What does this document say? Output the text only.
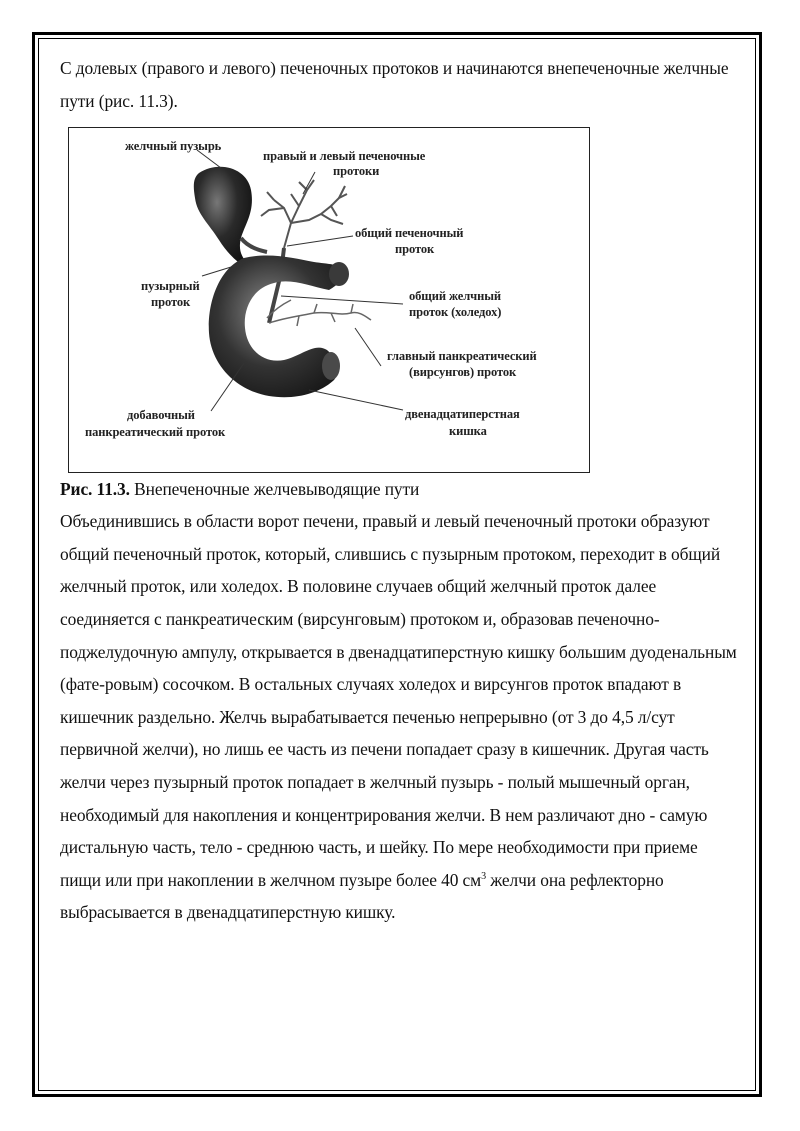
С долевых (правого и левого) печеночных протоков и начинаются внепеченочные желчные пути (рис. 11.3).

желчный пузырь
правый и левый печеночные
протоки
общий печеночный
проток
пузырный
проток	общий желчный
проток (холедох)
главный панкреатический
(вирсунгов) проток
добавочный
панкреатический проток
двенадцатиперстная
кишка

Рис. 11.3. Внепеченочные желчевыводящие пути

Объединившись в области ворот печени, правый и левый печеночный протоки образуют общий печеночный проток, который, слившись с пузырным протоком, переходит в общий желчный проток, или холедох. В половине случаев общий желчный проток далее соединяется с панкреатическим (вирсунговым) протоком и, образовав печеночно-поджелудочную ампулу, открывается в двенадцатиперстную кишку большим дуоденальным (фате-ровым) сосочком. В остальных случаях холедох и вирсунгов проток впадают в кишечник раздельно. Желчь вырабатывается печенью непрерывно (от 3 до 4,5 л/сут первичной желчи), но лишь ее часть из печени попадает сразу в кишечник. Другая часть желчи через пузырный проток попадает в желчный пузырь - полый мышечный орган, необходимый для накопления и концентрирования желчи. В нем различают дно - самую дистальную часть, тело - среднюю часть, и шейку. По мере необходимости при приеме пищи или при накоплении в желчном пузыре более 40 $см^3$ желчи она рефлекторно выбрасывается в двенадцатиперстную кишку.
